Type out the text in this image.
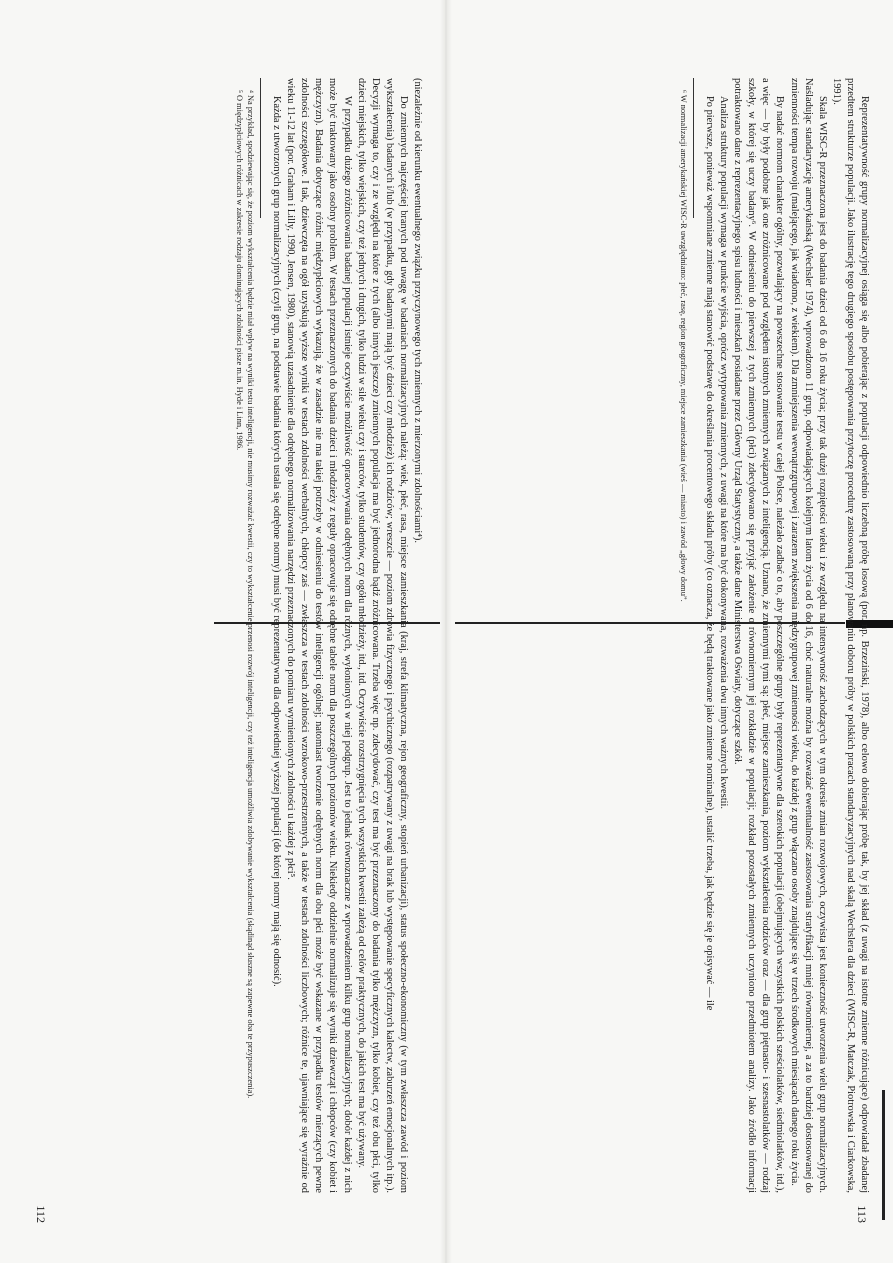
Reprezentatywność grupy normalizacyjnej osiąga się albo pobierając z populacji odpowiednio liczebną próbę losową (por. np. Brzeziński, 1978), albo celowo dobierając próbę tak, by jej skład (z uwagi na istotne zmienne różnicujące) odpowiadał zbadanej przedtem strukturze populacji. Jako ilustrację tego drugiego sposobu postępowania przytoczę procedurę zastosowaną przy planowaniu doboru próby w polskich pracach standaryzacyjnych nad skalą Wechslera dla dzieci (WISC-R, Matczak, Piotrowska i Ciarkowska, 1991).

Skala WISC-R przeznaczona jest do badania dzieci od 6 do 16 roku życia; przy tak dużej rozpiętości wieku i ze względu na intensywność zachodzących w tym okresie zmian rozwojowych, oczywista jest konieczność utworzenia wielu grup normalizacyjnych. Naśladując standaryzację amerykańską (Wechsler 1974), wprowadzono 11 grup, odpowiadających kolejnym latom życia od 6 do 16, choć naturalne można by rozważać ewentualność zastosowania stratyfikacji mniej równomiernej, a za to bardziej dostosowanej do zmienności tempa rozwoju (malejącego, jak wiadomo, z wiekiem). Dla zmniejszenia wewnątrzgrupowej i zarazem zwiększenia międzygrupowej zmienności wieku, do każdej z grup włączano osoby znajdujące się w trzech środkowych miesiącach danego roku życia.

By nadać normom charakter ogólny, pozwalający na powszechne stosowanie testu w całej Polsce, należało zadbać o to, aby poszczególne grupy były reprezentatywne dla szerokich populacji (obejmujących wszystkich polskich sześciolatków, siedmiolatków, itd.), a więc — by były podobne jak one zróżnicowane pod względem istotnych zmiennych związanych z inteligencją. Uznano, że zmiennymi tymi są: płeć, miejsce zamieszkania, poziom wykształcenia rodziców oraz — dla grup piętnasto- i szesnastolatków — rodzaj szkoły, w której się uczy badany⁶. W odniesieniu do pierwszej z tych zmiennych (płci) zdecydowano się przyjąć założenie o równomiernym jej rozkładzie w populacji; rozkład pozostałych zmiennych uczyniono przedmiotem analizy. Jako źródło informacji potraktowano dane z reprezentacyjnego spisu ludności i mieszkań posiadane przez Główny Urząd Statystyczny, a także dane Ministerstwa Oświaty, dotyczące szkół.

Analiza struktury populacji wymaga w punkcie wyjścia, oprócz wytypowania zmiennych, z uwagi na które ma być dokonywana, rozważenia dwu innych ważnych kwestii.

Po pierwsze, ponieważ wspomniane zmienne mają stanowić podstawę do określania procentowego składu próby (co oznacza, że będą traktowane jako zmienne nominalne), ustalić trzeba, jak będzie się je opisywać — ile

⁶ W normalizacji amerykańskiej WISC-R uwzględniano: płeć, rasę, region geograficzny, miejsce zamieszkania (wieś — miasto) i zawód „głowy domu”.

113

(niezależnie od kierunku ewentualnego związku przyczynowego tych zmiennych z mierzonymi zdolnościami⁴).

Do zmiennych najczęściej branych pod uwagę w badaniach normalizacyjnych należą: wiek, płeć, rasa, miejsce zamieszkania (kraj, strefa klimatyczna, rejon geograficzny, stopień urbanizacji), status społeczno-ekonomiczny (w tym zwłaszcza zawód i poziom wykształcenia) badanych i/lub (w przypadku, gdy badanymi mają być dzieci czy młodzież) ich rodziców; wreszcie — poziom zdrowia fizycznego i psychicznego (rozpatrywany z uwagi na brak lub występowanie specyficznych kalectw, zaburzeń emocjonalnych itp.). Decyzji wymaga to, czy i ze względu na które z tych (albo innych jeszcze) zmiennych populacja ma być jednorodna bądź zróżnicowana. Trzeba więc np. zdecydować, czy test ma być przeznaczony do badania tylko mężczyzn, tylko kobiet, czy też obu płci, tylko dzieci miejskich, tylko wiejskich, czy też jednych i drugich, tylko ludzi w sile wieku czy i starców, tylko studentów, czy ogółu młodzieży, itd., itd. Oczywiście rozstrzygnięcia tych wszystkich kwestii zależą od celów praktycznych, do jakich test ma być używany.

W przypadku dużego zróżnicowania badanej populacji istnieje oczywiście możliwość opracowywania odrębnych norm dla różnych, wyłonionych w niej podgrup. Jest to jednak równoznaczne z wprowadzeniem kilku grup normalizacyjnych; dobór każdej z nich może być traktowany jako osobny problem. W testach przeznaczonych do badania dzieci i młodzieży z reguły opracowuje się odrębne tabele norm dla poszczególnych poziomów wieku. Niekiedy oddzielnie normalizuje się wyniki dziewcząt i chłopców (czy kobiet i mężczyzn). Badania dotyczące różnic międzypłciowych wykazują, że w zasadzie nie ma takiej potrzeby w odniesieniu do testów inteligencji ogólnej; natomiast tworzenie odrębnych norm dla obu płci może być wskazane w przypadku testów mierzących pewne zdolności szczegółowe. I tak, dziewczęta na ogół uzyskują wyższe wyniki w testach zdolności werbalnych, chłopcy zaś — zwłaszcza w testach zdolności wzrokowo-przestrzennych, a także w testach zdolności liczbowych; różnice te, ujawniające się wyraźnie od wieku 11-12 lat (por. Graham i Lilly, 1990, Jensen, 1980), stanowią uzasadnienie dla odrębnego normalizowania narzędzi przeznaczonych do pomiaru wymienionych zdolności u każdej z płci⁵.

Każda z utworzonych grup normalizacyjnych (czyli grup, na podstawie badania których ustala się odrębne normy) musi być reprezentatywna dla odpowiedniej wyższej populacji (do której normy mają się odnosić).

⁴ Na przykład, spodziewając się, że poziom wykształcenia będzie miał wpływ na wyniki testu inteligencji, nie musimy rozważać kwestii, czy to wykształcenie przenosi rozwój inteligencji, czy też inteligencja umożliwia zdobywanie wykształcenia (skądinąd słuszne są zapewne oba te przypuszczenia).

⁵ O międzypłciowych różnicach w zakresie rodzaju dominujących zdolności pisze m.in. Hyde i Linn, 1986.

112
